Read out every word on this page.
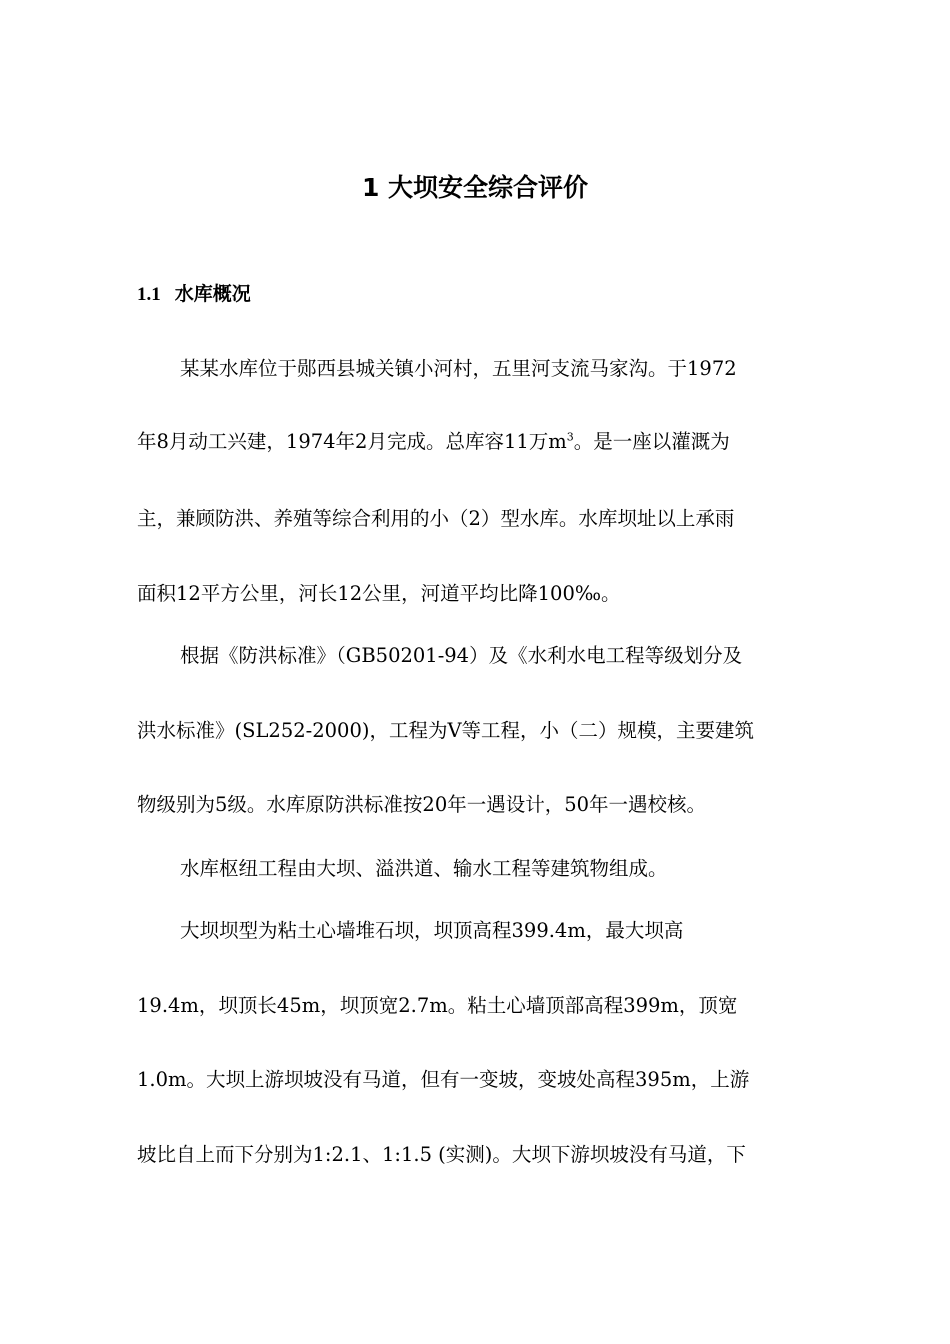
1 大坝安全综合评价
1.1 水库概况

某某水库位于郧西县城关镇小河村，五里河支流马家沟。于1972

年8月动工兴建，1974年2月完成。总库容11万$m^3$。是一座以灌溉为

主，兼顾防洪、养殖等综合利用的小（2）型水库。水库坝址以上承雨

面积12平方公里，河长12公里，河道平均比降100‰。

根据《防洪标准》（GB50201-94）及《水利水电工程等级划分及

洪水标准》(SL252-2000)，工程为Ⅴ等工程，小（二）规模，主要建筑

物级别为5级。水库原防洪标准按20年一遇设计，50年一遇校核。

水库枢纽工程由大坝、溢洪道、输水工程等建筑物组成。

大坝坝型为粘土心墙堆石坝，坝顶高程399.4m，最大坝高

19.4m，坝顶长45m，坝顶宽2.7m。粘土心墙顶部高程399m，顶宽

1.0m。大坝上游坝坡没有马道，但有一变坡，变坡处高程395m，上游

坡比自上而下分别为1:2.1、1:1.5 (实测)。大坝下游坝坡没有马道，下
